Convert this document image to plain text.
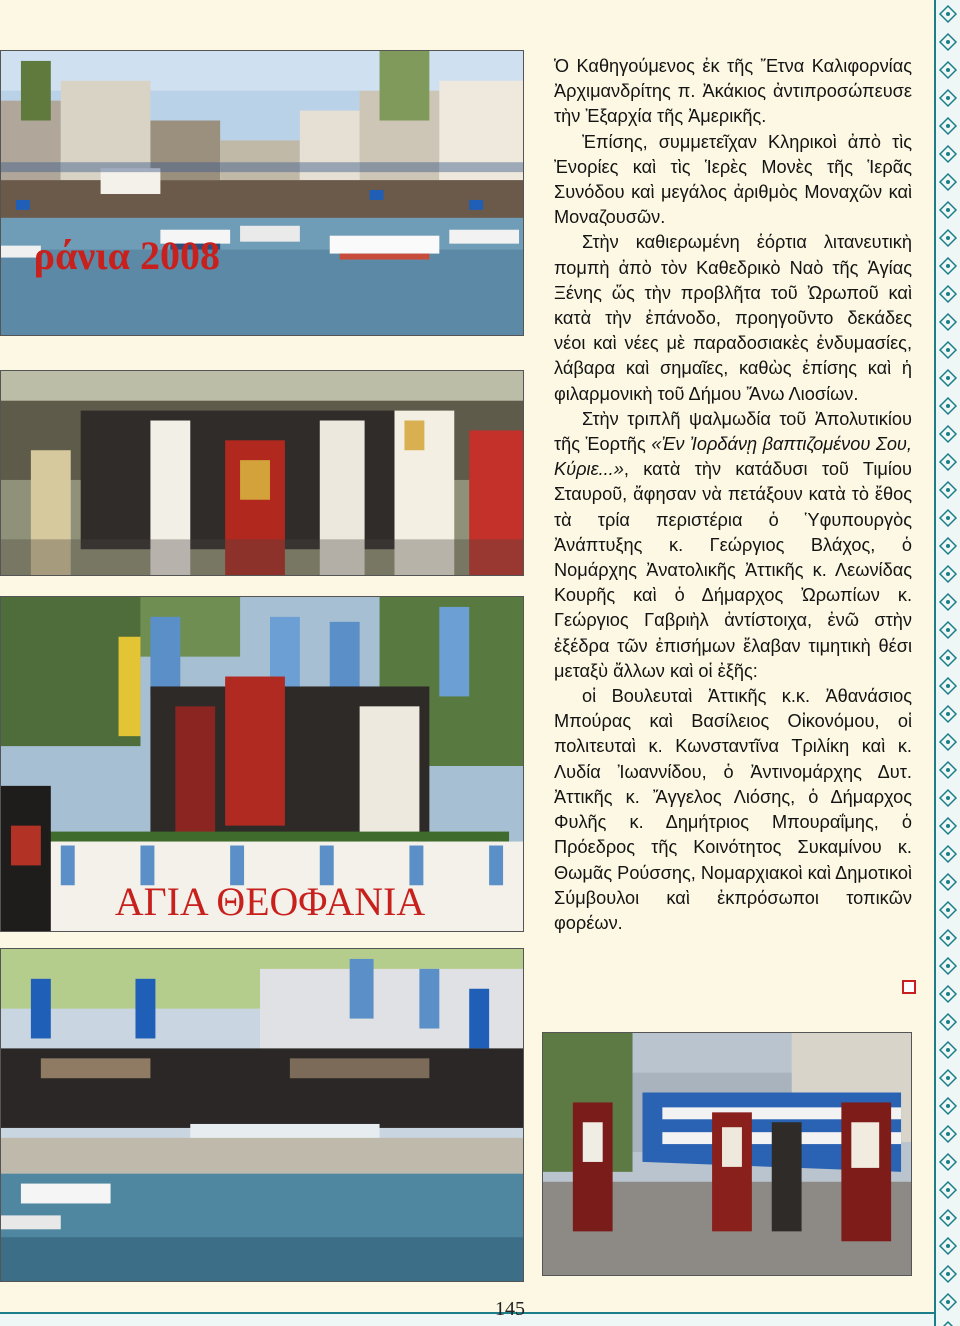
ράνια 2008
ΑΓΙΑ ΘΕΟΦΑΝΙΑ

Ὁ Καθηγούμενος ἐκ τῆς Ἔτνα Καλιφορνίας Ἀρχιμανδρίτης π. Ἀκάκιος ἀντιπροσώπευσε τὴν Ἐξαρχία τῆς Ἀμερικῆς.

Ἐπίσης, συμμετεῖχαν Κληρικοὶ ἀπὸ τὶς Ἐνορίες καὶ τὶς Ἱερὲς Μονὲς τῆς Ἱερᾶς Συνόδου καὶ μεγάλος ἀριθμὸς Μοναχῶν καὶ Μοναζουσῶν.

Στὴν καθιερωμένη ἑόρτια λιτανευτικὴ πομπὴ ἀπὸ τὸν Καθεδρικὸ Ναὸ τῆς Ἁγίας Ξένης ὥς τὴν προβλῆτα τοῦ Ὠρωποῦ καὶ κατὰ τὴν ἐπάνοδο, προηγοῦντο δεκάδες νέοι καὶ νέες μὲ παραδοσιακὲς ἐνδυμασίες, λάβαρα καὶ σημαῖες, καθὼς ἐπίσης καὶ ἡ φιλαρμονικὴ τοῦ Δήμου Ἄνω Λιοσίων.

Στὴν τριπλῆ ψαλμωδία τοῦ Ἀπολυτικίου τῆς Ἑορτῆς «Ἐν Ἰορδάνῃ βαπτιζομένου Σου, Κύριε...», κατὰ τὴν κατάδυσι τοῦ Τιμίου Σταυροῦ, ἄφησαν νὰ πετάξουν κατὰ τὸ ἔθος τὰ τρία περιστέρια ὁ Ὑφυπουργὸς Ἀνάπτυξης κ. Γεώργιος Βλάχος, ὁ Νομάρχης Ἀνατολικῆς Ἀττικῆς κ. Λεωνίδας Κουρῆς καὶ ὁ Δήμαρχος Ὠρωπίων κ. Γεώργιος Γαβριὴλ ἀντίστοιχα, ἐνῶ στὴν ἐξέδρα τῶν ἐπισήμων ἔλαβαν τιμητικὴ θέσι μεταξὺ ἄλλων καὶ οἱ ἐξῆς:

οἱ Βουλευταὶ Ἀττικῆς κ.κ. Ἀθανάσιος Μπούρας καὶ Βασίλειος Οἰκονόμου, οἱ πολιτευταὶ κ. Κωνσταντῖνα Τριλίκη καὶ κ. Λυδία Ἰωαννίδου, ὁ Ἀντινομάρχης Δυτ. Ἀττικῆς κ. Ἄγγελος Λιόσης, ὁ Δήμαρχος Φυλῆς κ. Δημήτριος Μπουραΐμης, ὁ Πρόεδρος τῆς Κοινότητος Συκαμίνου κ. Θωμᾶς Ρούσσης, Νομαρχιακοὶ καὶ Δημοτικοὶ Σύμβουλοι καὶ ἐκπρόσωποι τοπικῶν φορέων.

145
